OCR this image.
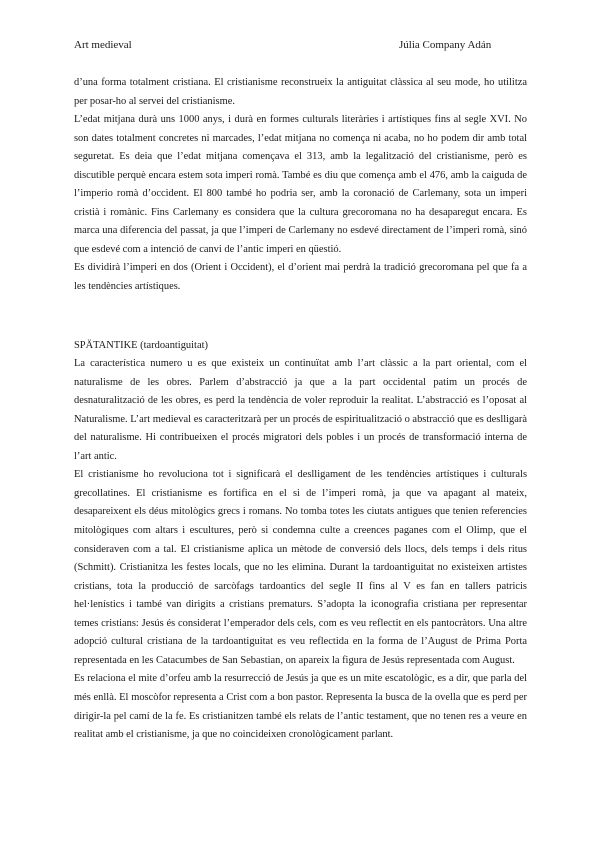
Art medieval	Júlia Company Adán

d’una forma totalment cristiana. El cristianisme reconstrueix la antiguitat clàssica al seu mode, ho utilitza per posar-ho al servei del cristianisme.

L’edat mitjana durà uns 1000 anys, i durà en formes culturals literàries i artístiques fins al segle XVI. No son dates totalment concretes ni marcades, l’edat mitjana no comença ni acaba, no ho podem dir amb total seguretat. Es deia que l’edat mitjana començava el 313, amb la legalització del cristianisme, però es discutible perquè encara estem sota imperi romà. També es diu que comença amb el 476, amb la caiguda de l’imperio romà d’occident. El 800 també ho podria ser, amb la coronació de Carlemany, sota un imperi cristià i romànic. Fins Carlemany es considera que la cultura grecoromana no ha desaparegut encara. Es marca una diferencia del passat, ja que l’imperi de Carlemany no esdevé directament de l’imperi romà, sinó que esdevé com a intenció de canvi de l’antic imperi en qüestió.

Es dividirà l’imperi en dos (Orient i Occident), el d’orient mai perdrà la tradició grecoromana pel que fa a les tendències artístiques.

SPÄTANTIKE (tardoantiguitat)

La característica numero u es que existeix un continuïtat amb l’art clàssic a la part oriental, com el naturalisme de les obres. Parlem d’abstracció ja que a la part occidental patim un procés de desnaturalització de les obres, es perd la tendència de voler reproduir la realitat. L’abstracció es l’oposat al Naturalisme. L’art medieval es caracteritzarà per un procés de espiritualització o abstracció que es deslligarà del naturalisme. Hi contribueixen el procés migratori dels pobles i un procés de transformació interna de l’art antic.

El cristianisme ho revoluciona tot i significarà el deslligament de les tendències artístiques i culturals grecollatines. El cristianisme es fortifica en el si de l’imperi romà, ja que va apagant al mateix, desapareixent els déus mitològics grecs i romans. No tomba totes les ciutats antigues que tenien referencies mitològiques com altars i escultures, però si condemna culte a creences paganes com el Olimp, que el consideraven com a tal. El cristianisme aplica un mètode de conversió dels llocs, dels temps i dels ritus (Schmitt). Cristianitza les festes locals, que no les elimina. Durant la tardoantiguitat no existeixen artistes cristians, tota la producció de sarcòfags tardoantics del segle II fins al V es fan en tallers patricis hel·lenístics i també van dirigits a cristians prematurs. S’adopta la iconografia cristiana per representar temes cristians: Jesús és considerat l’emperador dels cels, com es veu reflectit en els pantocràtors. Una altre adopció cultural cristiana de la tardoantiguitat es veu reflectida en la forma de l’August de Prima Porta representada en les Catacumbes de San Sebastian, on apareix la figura de Jesús representada com August.

Es relaciona el mite d’orfeu amb la resurrecció de Jesús ja que es un mite escatològic, es a dir, que parla del més enllà. El moscòfor representa a Crist com a bon pastor. Representa la busca de la ovella que es perd per dirigir-la pel camí de la fe. Es cristianitzen també els relats de l’antic testament, que no tenen res a veure en realitat amb el cristianisme, ja que no coincideixen cronològicament parlant.
